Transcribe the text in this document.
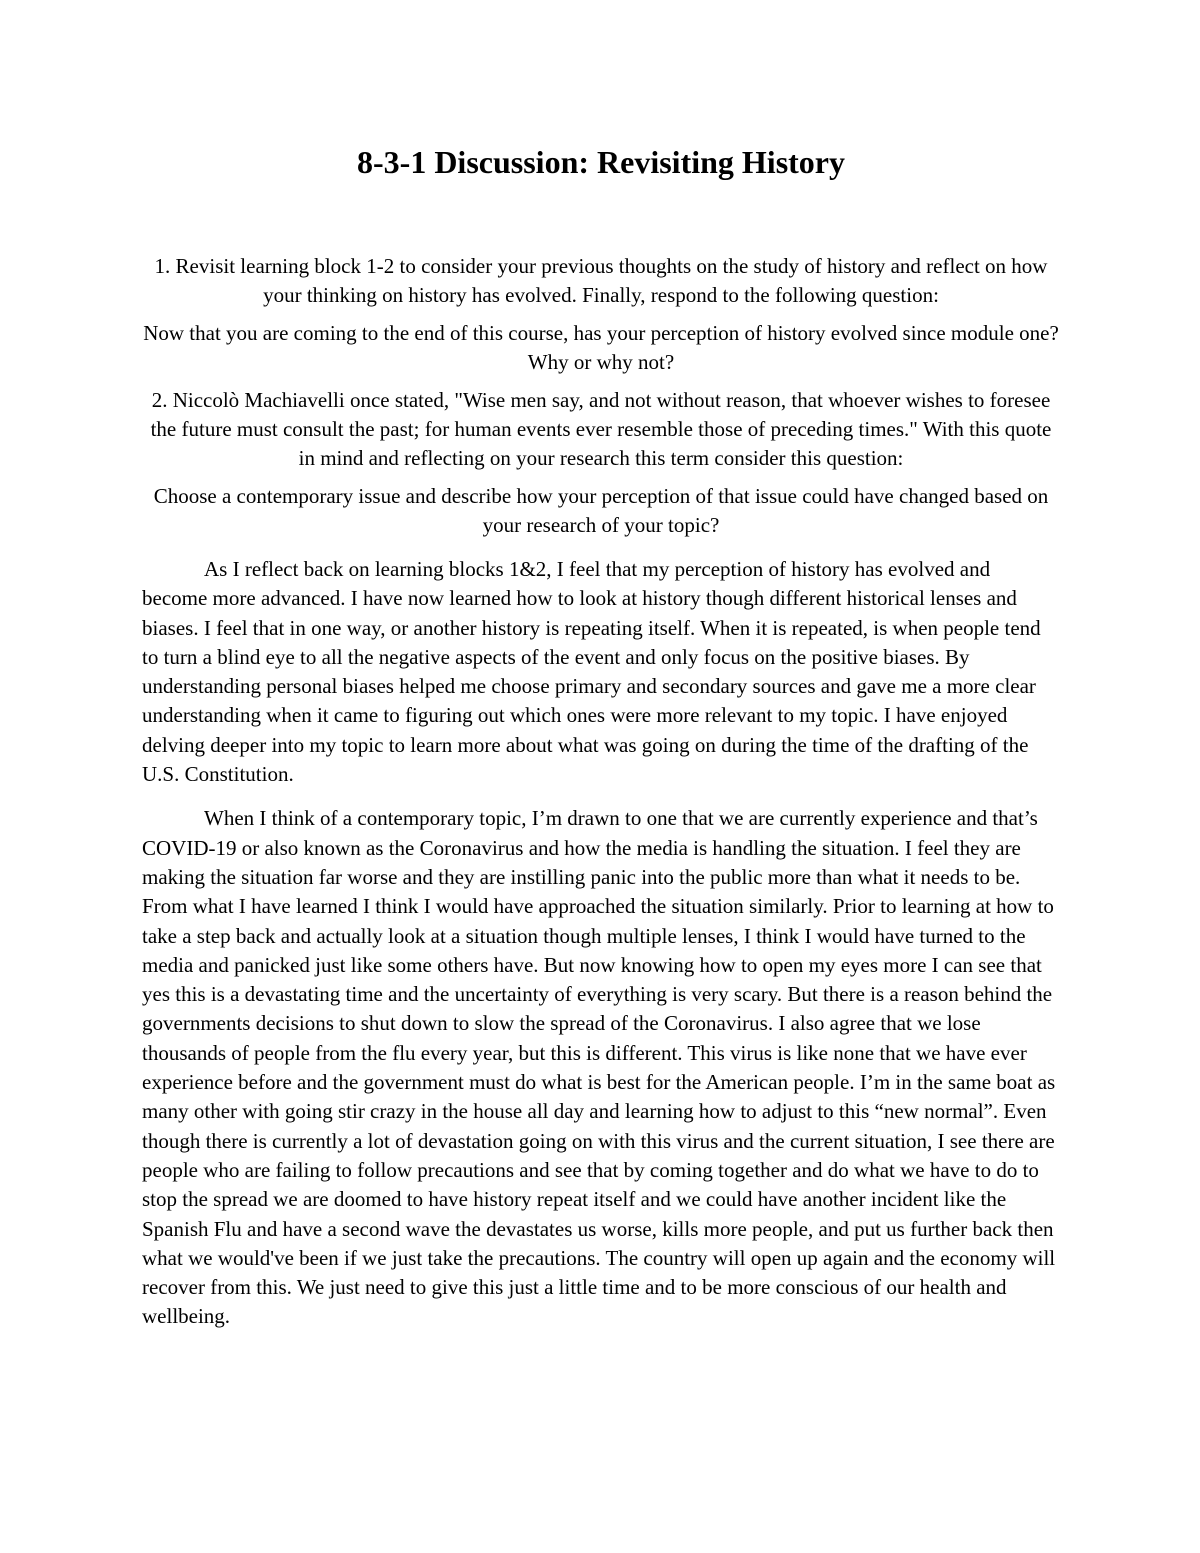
8-3-1 Discussion: Revisiting History

1. Revisit learning block 1-2 to consider your previous thoughts on the study of history and reflect on how your thinking on history has evolved. Finally, respond to the following question:

Now that you are coming to the end of this course, has your perception of history evolved since module one? Why or why not?

2. Niccolò Machiavelli once stated, "Wise men say, and not without reason, that whoever wishes to foresee the future must consult the past; for human events ever resemble those of preceding times." With this quote in mind and reflecting on your research this term consider this question:

Choose a contemporary issue and describe how your perception of that issue could have changed based on your research of your topic?

As I reflect back on learning blocks 1&2, I feel that my perception of history has evolved and become more advanced. I have now learned how to look at history though different historical lenses and biases. I feel that in one way, or another history is repeating itself. When it is repeated, is when people tend to turn a blind eye to all the negative aspects of the event and only focus on the positive biases. By understanding personal biases helped me choose primary and secondary sources and gave me a more clear understanding when it came to figuring out which ones were more relevant to my topic. I have enjoyed delving deeper into my topic to learn more about what was going on during the time of the drafting of the U.S. Constitution.

When I think of a contemporary topic, I’m drawn to one that we are currently experience and that’s COVID-19 or also known as the Coronavirus and how the media is handling the situation. I feel they are making the situation far worse and they are instilling panic into the public more than what it needs to be. From what I have learned I think I would have approached the situation similarly. Prior to learning at how to take a step back and actually look at a situation though multiple lenses, I think I would have turned to the media and panicked just like some others have. But now knowing how to open my eyes more I can see that yes this is a devastating time and the uncertainty of everything is very scary. But there is a reason behind the governments decisions to shut down to slow the spread of the Coronavirus. I also agree that we lose thousands of people from the flu every year, but this is different. This virus is like none that we have ever experience before and the government must do what is best for the American people. I’m in the same boat as many other with going stir crazy in the house all day and learning how to adjust to this “new normal”. Even though there is currently a lot of devastation going on with this virus and the current situation, I see there are people who are failing to follow precautions and see that by coming together and do what we have to do to stop the spread we are doomed to have history repeat itself and we could have another incident like the Spanish Flu and have a second wave the devastates us worse, kills more people, and put us further back then what we would've been if we just take the precautions. The country will open up again and the economy will recover from this. We just need to give this just a little time and to be more conscious of our health and wellbeing.
